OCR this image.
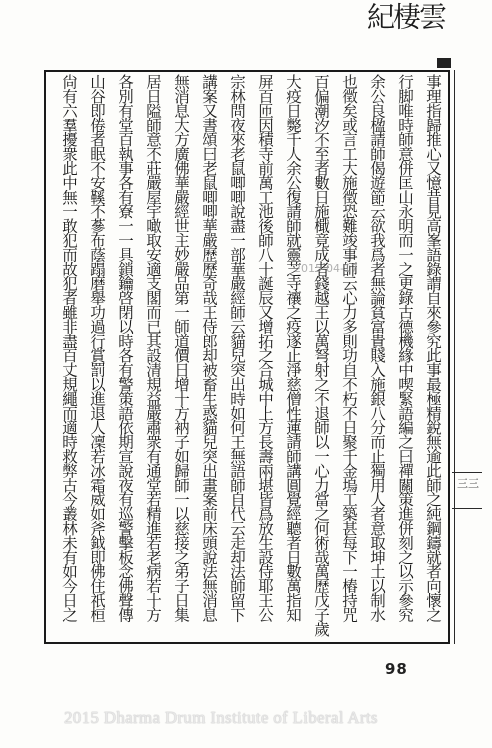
雲棲紀
三三
事理指歸推心又憶昔見高峯語錄謂自來參究此事最極精銳無逾此師之純鋼鑄就者向懷之
行脚唯時師意併匡山永明而一之更錄古德機緣中喫緊語編之曰禪關策進併刻之以示參究
余公良楹請師偈遊節云欲我爲者無論貧富貴賤入施銀八分而止獨用人者意取坤土以制水
也徵矣或言工大施徵恐難竣事師云心力多則功自不朽不日聚千金塢工築甚每下一樁持咒
百偏潮汐不至者數日施檝竟成者錢越王以萬弩射之不退師以一心力當之何術哉萬歷戊子歲
大疫日斃千人余公復請師就靈芝寺禳之疫遂止淨慈僧性蓮請師講圓覺經聽者日數萬指知
屏百匝因積寺前萬工池後師八十誕辰又增拓之合城中上方長壽兩堪皆爲放生設侍耶王公
宗林問夜來老鼠唧唧說盡一部華嚴經師云貓兒突出時如何王無語師自代云走却法師留下
講案又書頌曰老鼠唧唧華嚴歷歷奇哉王侍郎却被畜生惑貓兒突出畫案前床頭說法無消息
無消息大方廣佛華嚴經世主妙嚴品第一師道價日增十方衲子如歸師一以慈接之弟子日集
居日隘師意不莊嚴屋宇噉取安適支閣而已其設清規益嚴肅衆有通堂若精進若老病若十方
各別有堂百執事各有寮一一具鎖鑰啓閉以時各有警策語依期宣說夜有巡警擊板念佛聲傳
山谷即倦者眠不安鞵不蔘布蔭蹋磨舉功過行賞罰以進退人凜若冰霜威如斧鉞即佛住祇桓
尙有六羣擾衆此中無一敢犯而故犯者雖非盡百丈規繩而適時救弊古今叢林未有如今日之	2015-04-17
98
2015 Dharma Drum Institute of Liberal Arts
